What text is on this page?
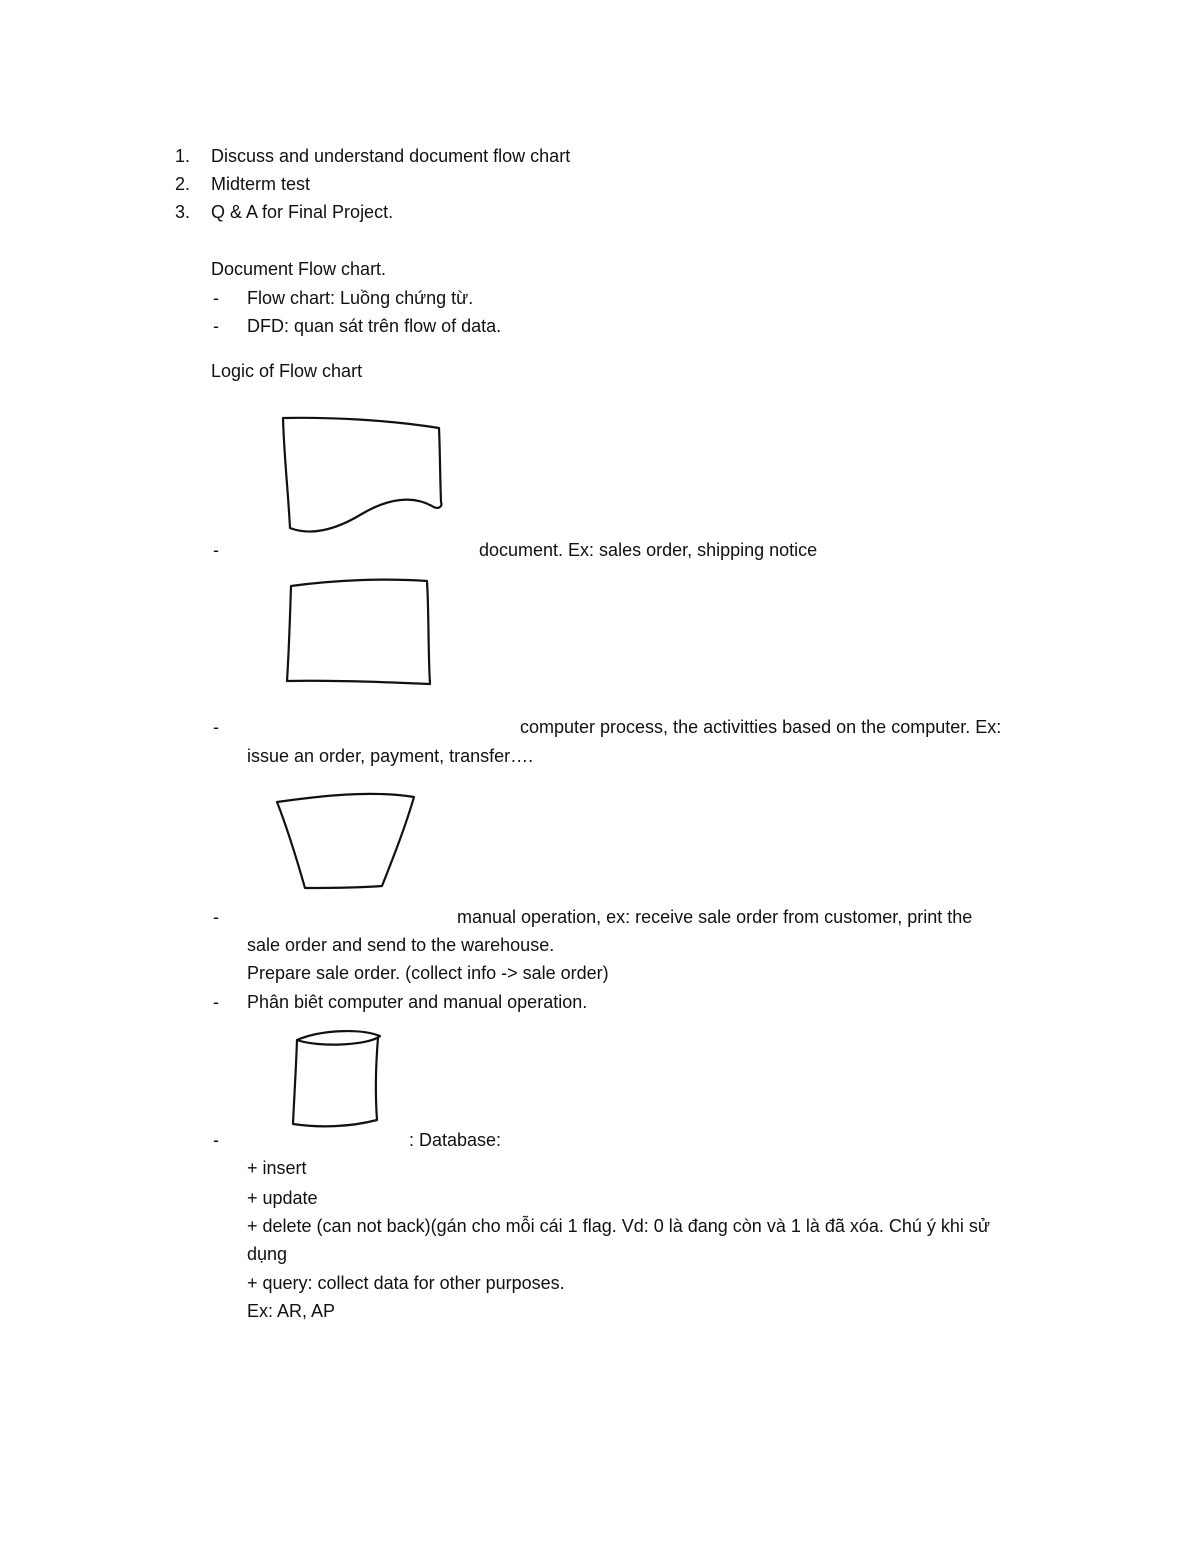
1. Discuss and understand document flow chart
2. Midterm test
3. Q & A for Final Project.
Document Flow chart.
- Flow chart: Luồng chứng từ.
- DFD: quan sát trên flow of data.
Logic of Flow chart
-	document. Ex: sales order, shipping notice
-	computer process, the activitties based on the computer. Ex:
issue an order, payment, transfer….
-	manual operation, ex: receive sale order from customer, print the
sale order and send to the warehouse.
Prepare sale order. (collect info -> sale order)
- Phân biêt computer and manual operation.
-	: Database:
+ insert
+ update
+ delete (can not back)(gán cho mỗi cái 1 flag. Vd: 0 là đang còn và 1 là đã xóa. Chú ý khi sử
dụng
+ query: collect data for other purposes.
Ex: AR, AP
